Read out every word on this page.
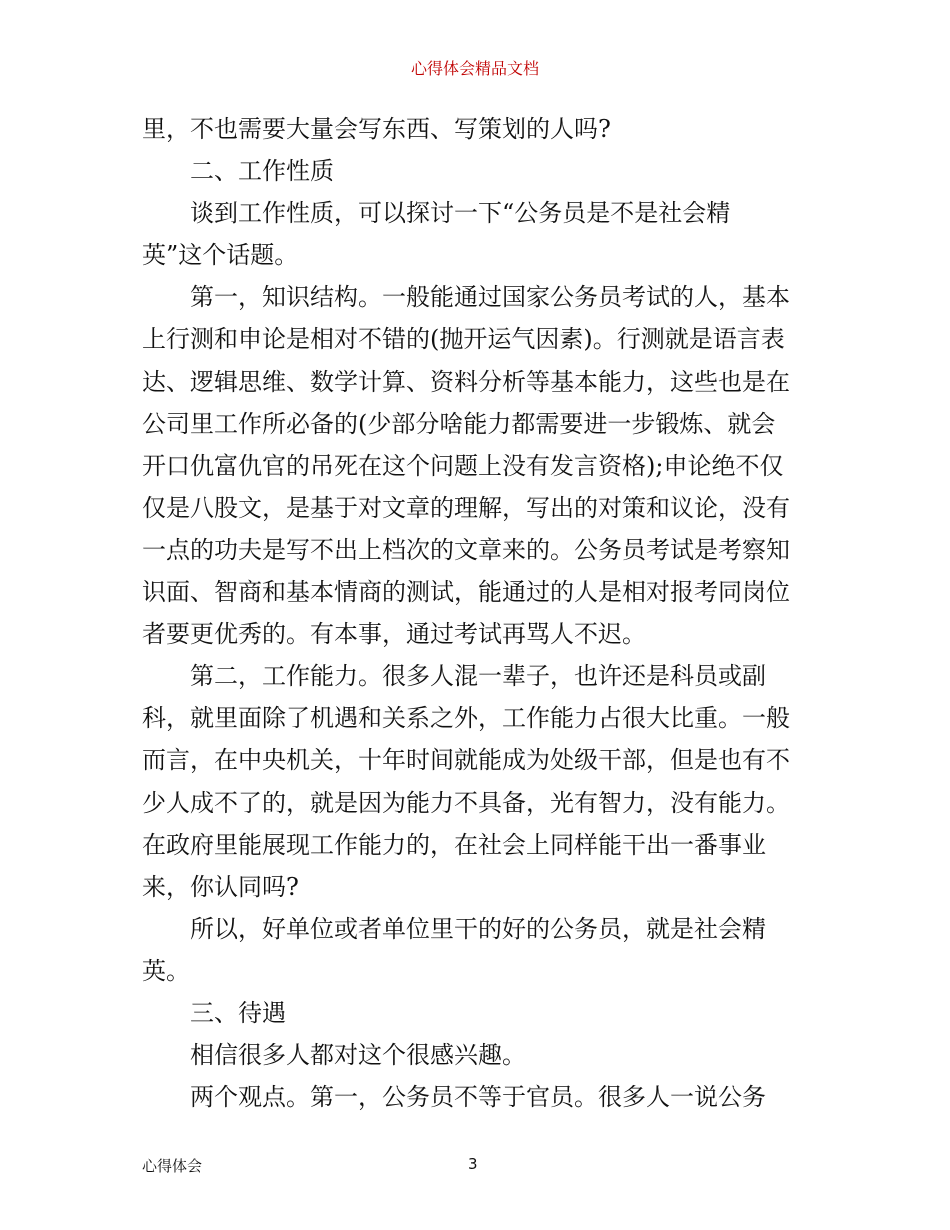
心得体会精品文档
里，不也需要大量会写东西、写策划的人吗?
二、工作性质
谈到工作性质，可以探讨一下“公务员是不是社会精
英”这个话题。
第一，知识结构。一般能通过国家公务员考试的人，基本
上行测和申论是相对不错的(抛开运气因素)。行测就是语言表
达、逻辑思维、数学计算、资料分析等基本能力，这些也是在
公司里工作所必备的(少部分啥能力都需要进一步锻炼、就会
开口仇富仇官的吊死在这个问题上没有发言资格);申论绝不仅
仅是八股文，是基于对文章的理解，写出的对策和议论，没有
一点的功夫是写不出上档次的文章来的。公务员考试是考察知
识面、智商和基本情商的测试，能通过的人是相对报考同岗位
者要更优秀的。有本事，通过考试再骂人不迟。
第二，工作能力。很多人混一辈子，也许还是科员或副
科，就里面除了机遇和关系之外，工作能力占很大比重。一般
而言，在中央机关，十年时间就能成为处级干部，但是也有不
少人成不了的，就是因为能力不具备，光有智力，没有能力。
在政府里能展现工作能力的，在社会上同样能干出一番事业
来，你认同吗?
所以，好单位或者单位里干的好的公务员，就是社会精
英。
三、待遇
相信很多人都对这个很感兴趣。
两个观点。第一，公务员不等于官员。很多人一说公务
心得体会	3
